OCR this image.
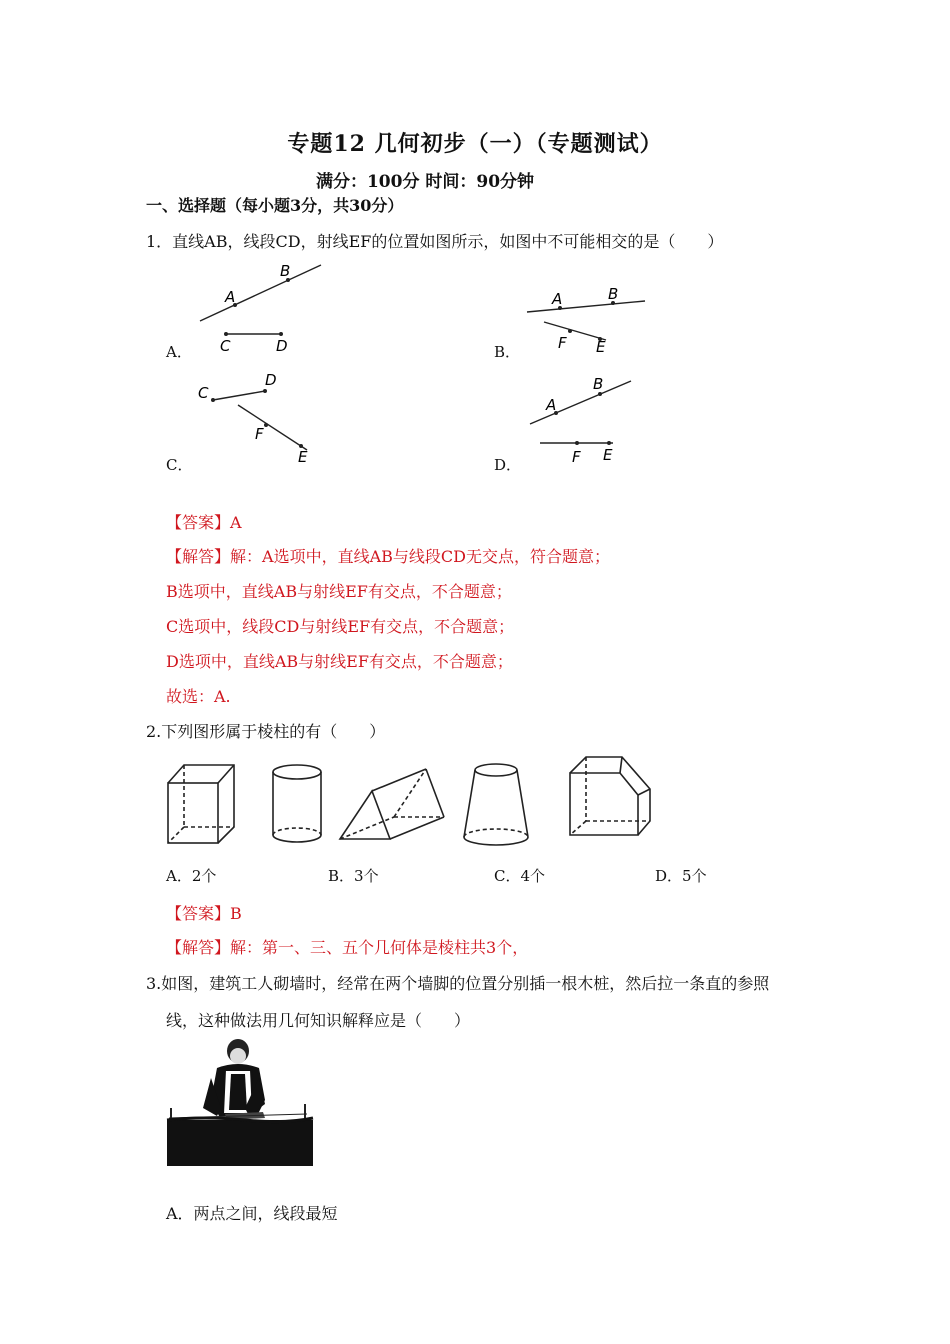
专题12 几何初步（一）（专题测试）
满分：100分 时间：90分钟
一、选择题（每小题3分，共30分）
1．直线AB，线段CD，射线EF的位置如图所示，如图中不可能相交的是（　　）
A
B
C	D
A．
A	B
F E
B．
C
D
F
E
C．
A
B
F E
D．
【答案】A
【解答】解：A选项中，直线AB与线段CD无交点，符合题意；
B选项中，直线AB与射线EF有交点，不合题意；
C选项中，线段CD与射线EF有交点，不合题意；
D选项中，直线AB与射线EF有交点，不合题意；
故选：A.
2.下列图形属于棱柱的有（　　）
A．2个	B．3个	C．4个	D．5个
【答案】B
【解答】解：第一、三、五个几何体是棱柱共3个，
3.如图，建筑工人砌墙时，经常在两个墙脚的位置分别插一根木桩，然后拉一条直的参照
线，这种做法用几何知识解释应是（　　）
A．两点之间，线段最短
